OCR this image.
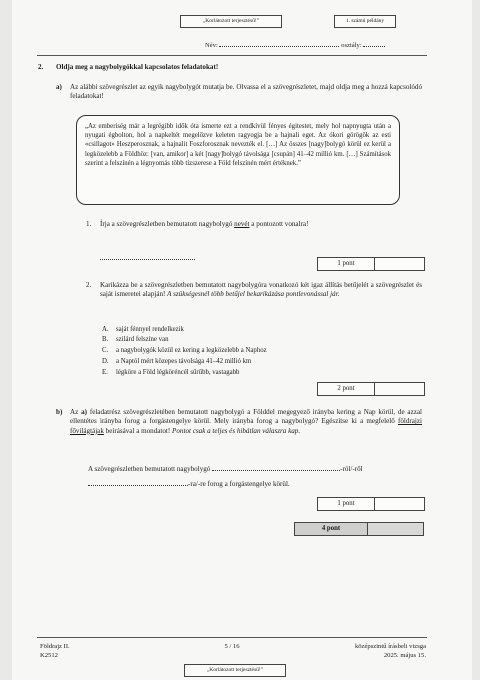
„Korlátozott terjesztésű!”	1. számú példány
Név:	osztály:
2. Oldja meg a nagybolygókkal kapcsolatos feladatokat!
a) Az alábbi szövegrészlet az egyik nagybolygót mutatja be. Olvassa el a szövegrészletet, majd oldja meg a hozzá kapcsolódó feladatokat!

„Az emberiség már a legrégibb idők óta ismerte ezt a rendkívül fényes égitestet, mely hol napnyugta után a nyugati égbolton, hol a napkeltét megelőzve keleten ragyogja be a hajnali eget. Az ókori görögök az esti «csillagot» Heszperosznak, a hajnalit Foszforosznak nevezték el. […] Az összes [nagy]bolygó körül ez kerül a legközelebb a Földhöz: [van, amikor] a két [nagy]bolygó távolsága [csupán] 41–42 millió km. […] Számítások szerint a felszínén a légnyomás több tízszerese a Föld felszínén mért értéknek.”

1. Írja a szövegrészletben bemutatott nagybolygó nevét a pontozott vonalra!
1 pont
2. Karikázza be a szövegrészletben bemutatott nagybolygóra vonatkozó két igaz állítás betűjelét a szövegrészlet és saját ismeretei alapján! A szükségesnél több betűjel bekarikázása pontlevonással jár.
A. saját fénnyel rendelkezik
B. szilárd felszíne van
C. a nagybolygók közül ez kering a legközelebb a Naphoz
D. a Naptól mért közepes távolsága 41–42 millió km
E. légköre a Föld légköréncél sűrűbb, vastagabb
2 pont
b) Az a) feladatrész szövegrészletében bemutatott nagybolygó a Földdel megegyező irányba kering a Nap körül, de azzal ellentétes irányba forog a forgástengelye körül. Mely irányba forog a nagybolygó? Egészítse ki a megfelelő földrajzi fővilágtájak beírásával a mondatot! Pontot csak a teljes és hibátlan válaszra kap.
A szövegrészletben bemutatott nagybolygó	-ról/-ről
-ra/-re forog a forgástengelye körül.
1 pont
4 pont
Földrajz II.
K2512
5 / 16	középszintű írásbeli vizsga
2025. május 15.
„Korlátozott terjesztésű!”
